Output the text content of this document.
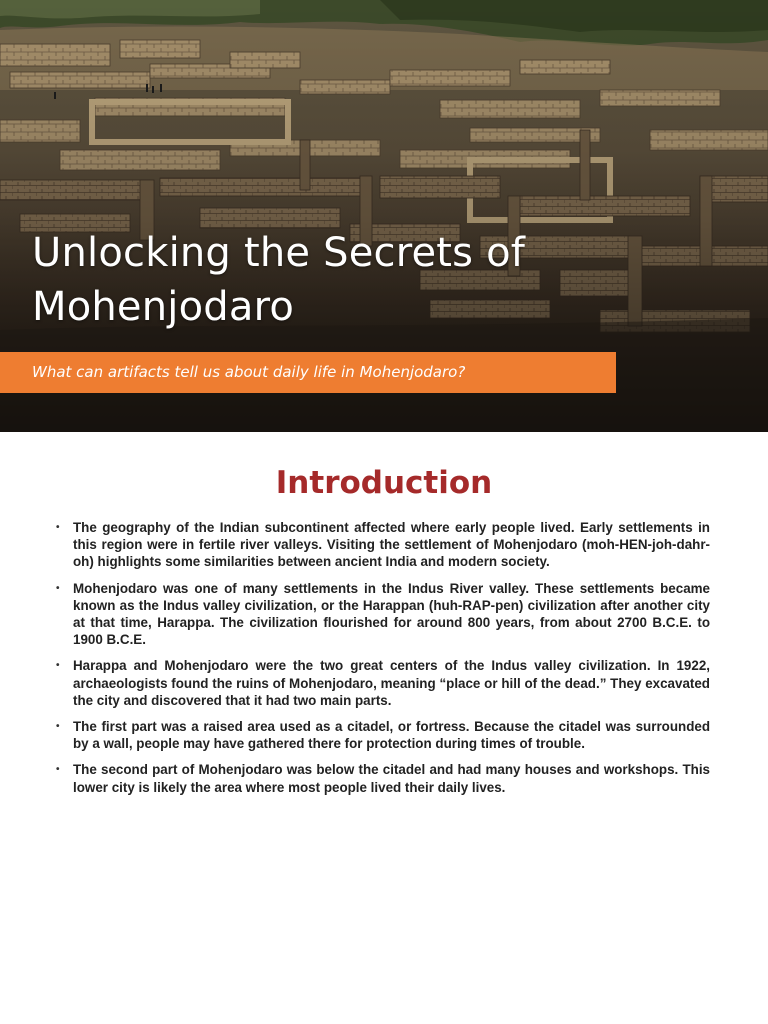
Unlocking the Secrets of
Mohenjodaro
What can artifacts tell us about daily life in Mohenjodaro?
Introduction
• The geography of the Indian subcontinent affected where early people lived. Early settlements in this region were in fertile river valleys. Visiting the settlement of Mohenjodaro (moh-HEN-joh-dahr-oh) highlights some similarities between ancient India and modern society.
• Mohenjodaro was one of many settlements in the Indus River valley. These settlements became known as the Indus valley civilization, or the Harappan (huh-RAP-pen) civilization after another city at that time, Harappa. The civilization flourished for around 800 years, from about 2700 B.C.E. to 1900 B.C.E.
• Harappa and Mohenjodaro were the two great centers of the Indus valley civilization. In 1922, archaeologists found the ruins of Mohenjodaro, meaning “place or hill of the dead.” They excavated the city and discovered that it had two main parts.
• The first part was a raised area used as a citadel, or fortress. Because the citadel was surrounded by a wall, people may have gathered there for protection during times of trouble.
• The second part of Mohenjodaro was below the citadel and had many houses and workshops. This lower city is likely the area where most people lived their daily lives.
